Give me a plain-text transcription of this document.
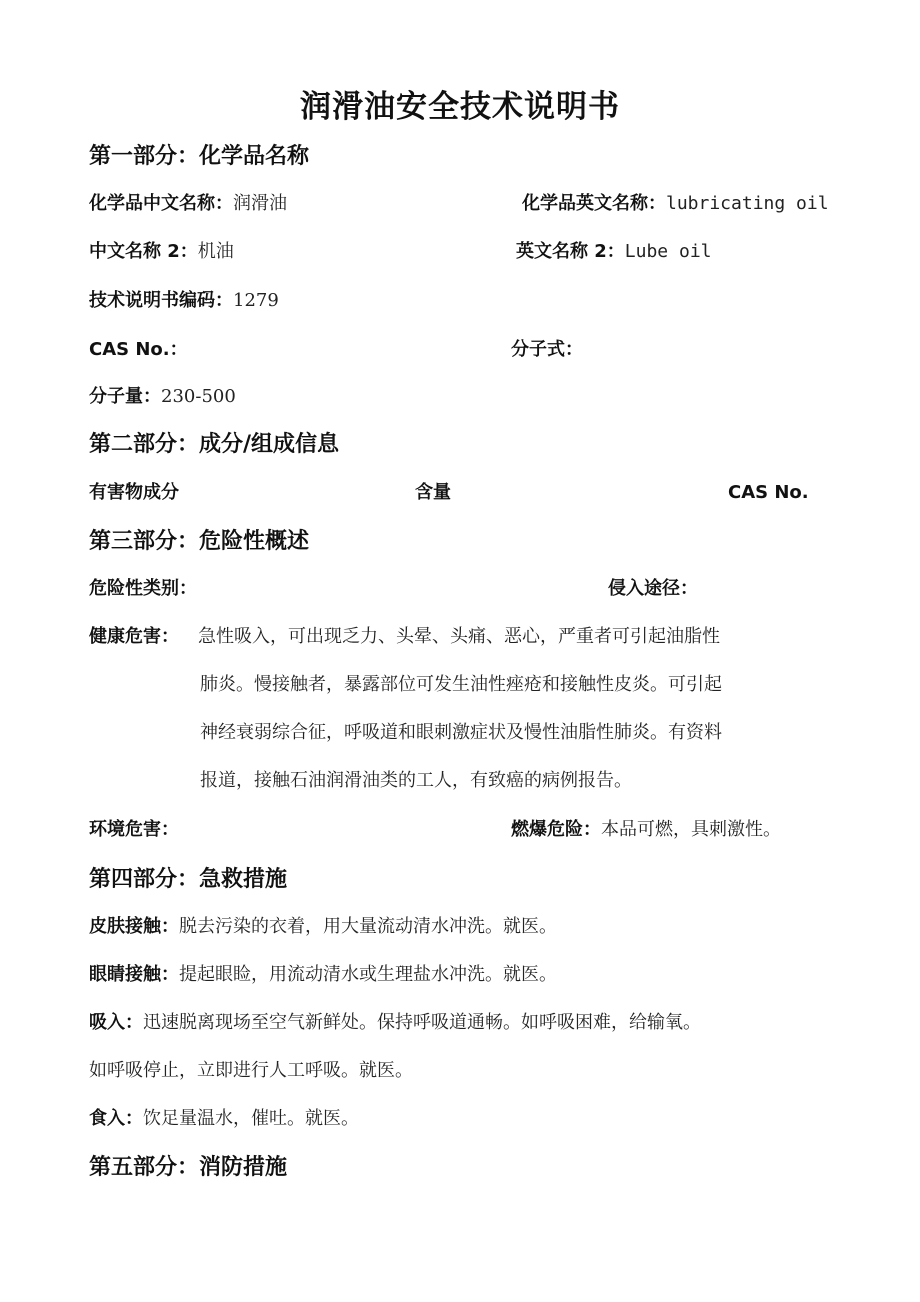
润滑油安全技术说明书
第一部分：化学品名称
化学品中文名称：润滑油	化学品英文名称：lubricating oil
中文名称 2：机油	英文名称 2：Lube oil
技术说明书编码：1279
CAS No.：	分子式：
分子量：230-500
第二部分：成分/组成信息
有害物成分	含量	CAS No.
第三部分：危险性概述
危险性类别：	侵入途径：
健康危害： 急性吸入，可出现乏力、头晕、头痛、恶心，严重者可引起油脂性
肺炎。慢接触者，暴露部位可发生油性痤疮和接触性皮炎。可引起
神经衰弱综合征，呼吸道和眼刺激症状及慢性油脂性肺炎。有资料
报道，接触石油润滑油类的工人，有致癌的病例报告。
环境危害：	燃爆危险：本品可燃，具刺激性。
第四部分：急救措施
皮肤接触：脱去污染的衣着，用大量流动清水冲洗。就医。
眼睛接触：提起眼睑，用流动清水或生理盐水冲洗。就医。
吸入：迅速脱离现场至空气新鲜处。保持呼吸道通畅。如呼吸困难，给输氧。
如呼吸停止，立即进行人工呼吸。就医。
食入：饮足量温水，催吐。就医。
第五部分：消防措施
